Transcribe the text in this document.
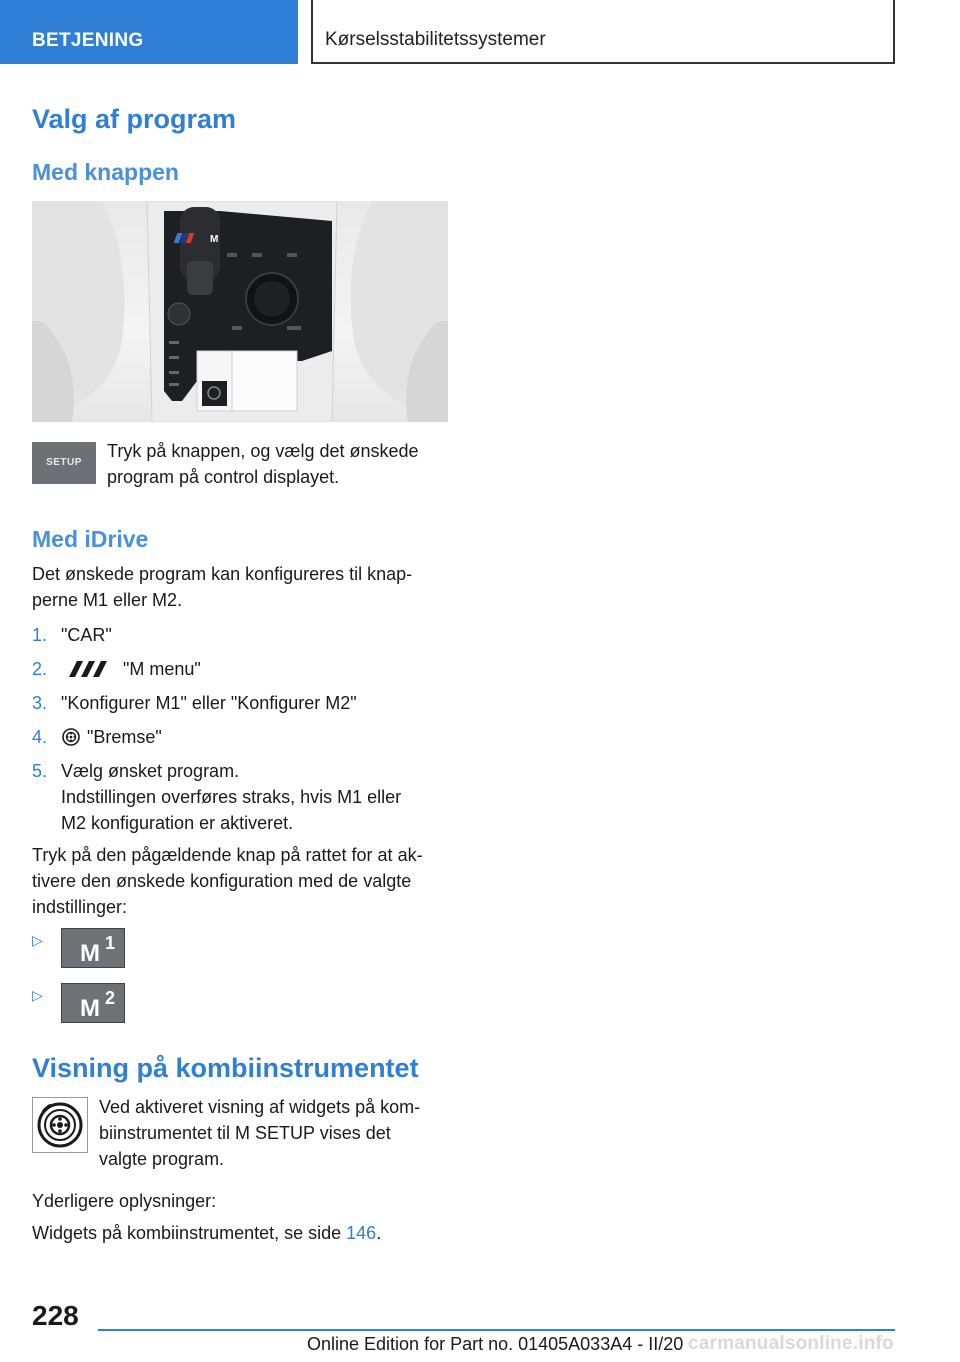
BETJENING	Kørselsstabilitetssystemer
Valg af program
Med knappen
M
SETUP
Tryk på knappen, og vælg det ønskede
program på control displayet.
Med iDrive
Det ønskede program kan konfigureres til knap-
perne M1 eller M2.
1. "CAR"
2.	"M menu"
3. "Konfigurer M1" eller "Konfigurer M2"
4.	"Bremse"
5. Vælg ønsket program.
Indstillingen overføres straks, hvis M1 eller
M2 konfiguration er aktiveret.
Tryk på den pågældende knap på rattet for at ak-
tivere den ønskede konfiguration med de valgte
indstillinger:
▷ M 1
▷ M 2
Visning på kombiinstrumentet
Ved aktiveret visning af widgets på kom-
biinstrumentet til M SETUP vises det
valgte program.
Yderligere oplysninger:
Widgets på kombiinstrumentet, se side 146.
228
Online Edition for Part no. 01405A033A4 - II/20 carmanualsonline.info
